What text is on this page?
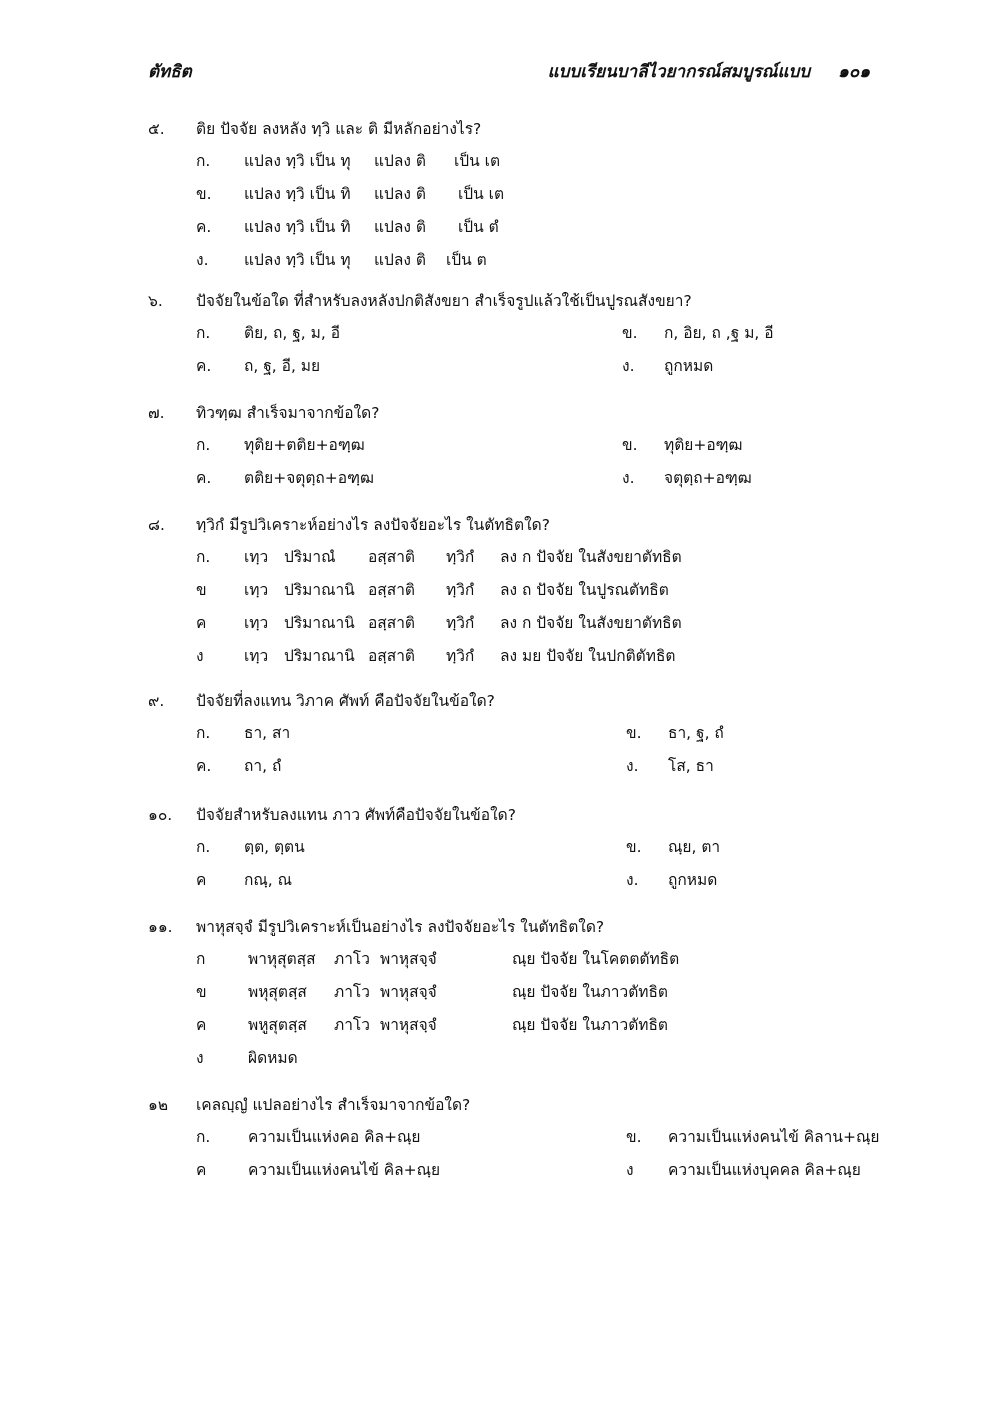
ตัทธิต	แบบเรียนบาลีไวยากรณ์สมบูรณ์แบบ ๑๐๑
๕. ติย ปัจจัย ลงหลัง ทฺวิ และ ติ มีหลักอย่างไร?
ก. แปลง ทฺวิ เป็น ทุ แปลง ติ เป็น เต
ข. แปลง ทฺวิ เป็น ทิ แปลง ติ เป็น เต
ค. แปลง ทฺวิ เป็น ทิ แปลง ติ เป็น ตํ
ง. แปลง ทฺวิ เป็น ทุ แปลง ติ เป็น ต
๖. ปัจจัยในข้อใด ที่สำหรับลงหลังปกติสังขยา สำเร็จรูปแล้วใช้เป็นปูรณสังขยา?
ก. ติย, ถ, ฐ, ม, อี	ข. ก, อิย, ถ ,ฐ ม, อี
ค. ถ, ฐ, อี, มย	ง. ถูกหมด
๗. ทิวฑฺฒ สำเร็จมาจากข้อใด?
ก. ทุติย+ตติย+อฑฺฒ	ข. ทุติย+อฑฺฒ
ค. ตติย+จตุตฺถ+อฑฺฒ	ง. จตุตฺถ+อฑฺฒ
๘. ทฺวิกํ มีรูปวิเคราะห์อย่างไร ลงปัจจัยอะไร ในตัทธิตใด?
ก. เทฺว ปริมาณํ อสฺสาติ ทฺวิกํ ลง ก ปัจจัย ในสังขยาตัทธิต
ข เทฺว ปริมาณานิ อสฺสาติ ทฺวิกํ ลง ถ ปัจจัย ในปูรณตัทธิต
ค เทฺว ปริมาณานิ อสฺสาติ ทฺวิกํ ลง ก ปัจจัย ในสังขยาตัทธิต
ง	เทฺว ปริมาณานิ อสฺสาติ ทฺวิกํ ลง มย ปัจจัย ในปกติตัทธิต
๙. ปัจจัยที่ลงแทน วิภาค ศัพท์ คือปัจจัยในข้อใด?
ก. ธา, สา	ข. ธา, ฐ, ถํ
ค. ถา, ถํ	ง. โส, ธา
๑๐. ปัจจัยสำหรับลงแทน ภาว ศัพท์คือปัจจัยในข้อใด?
ก. ตฺต, ตฺตน	ข. ณฺย, ตา
ค กณฺ, ณ	ง. ถูกหมด
๑๑. พาหุสจฺจํ มีรูปวิเคราะห์เป็นอย่างไร ลงปัจจัยอะไร ในตัทธิตใด?
ก	พาหุสุตสฺส ภาโว พาหุสจฺจํ	ณฺย ปัจจัย ในโคตตตัทธิต
ข	พหุสุตสฺส ภาโว พาหุสจฺจํ	ณฺย ปัจจัย ในภาวตัทธิต
ค	พหูสุตสฺส ภาโว พาหุสจฺจํ	ณฺย ปัจจัย ในภาวตัทธิต
ง	ผิดหมด
๑๒ เคลญฺญํ แปลอย่างไร สำเร็จมาจากข้อใด?
ก. ความเป็นแห่งคอ คิล+ณฺย	ข. ความเป็นแห่งคนไข้ คิลาน+ณฺย
ค	ความเป็นแห่งคนไข้ คิล+ณฺย	ง ความเป็นแห่งบุคคล คิล+ณฺย
